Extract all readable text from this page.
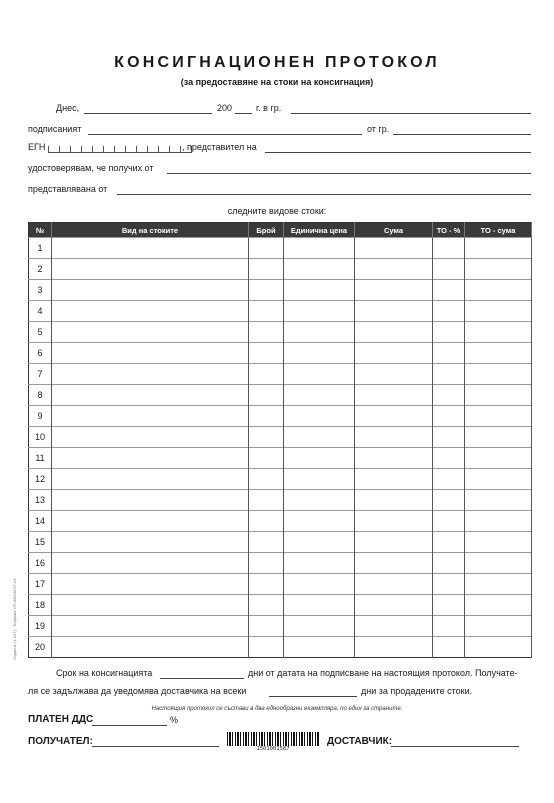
КОНСИГНАЦИОНЕН ПРОТОКОЛ
(за предоставяне на стоки на консигнация)
Днес,	200	г. в гр.
подписаният	от гр.
ЕГН	, представител на
удостоверявам, че получих от
представлявана от
следните видове стоки:
№	Вид на стоките	Брой	Единична цена	Сума	ТО - %	ТО - сума
1						
2						
3						
4						
5						
6						
7						
8						
9						
10						
11						
12						
13						
14						
15						
16						
17						
18						
19						
20						
Издание (1-167) · Фабрика ОП-026/40-97-66
Срок на консигнацията	дни от датата на подписване на настоящия протокол. Получате-
ля се задължава да уведомява доставчика на всеки	дни за продадените стоки.
Настоящия протокол се състави в два еднообразни екземпляра, по един за страните.
ПЛАТЕН ДДС	%
ПОЛУЧАТЕЛ:
1501001587
ДОСТАВЧИК:
